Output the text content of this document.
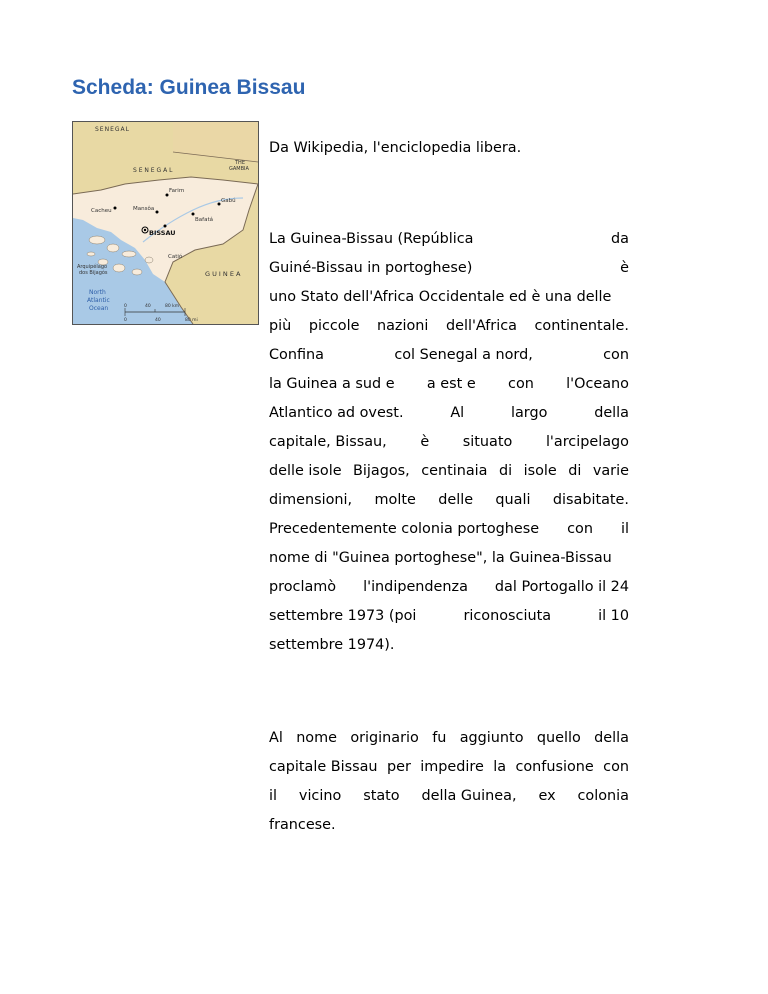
Scheda: Guinea Bissau
SENEGAL
S E N E G A L
THE
GAMBIA
Farim
Gabú
Cacheu	Mansôa
Bafatá
BISSAU
Catió
G U I N E A
Arquipélago
dos Bijagós
North
Atlantic
Ocean	0	40	80 km
0	40	80 mi

Da Wikipedia, l'enciclopedia libera.

La Guinea-Bissau (República	da
Guiné-Bissau in portoghese)	è
uno Stato dell'Africa Occidentale ed è una delle
più piccole nazioni dell'Africa continentale.
Confina	col Senegal a nord,	con
la Guinea a sud e a est e con l'Oceano
Atlantico ad ovest.	Al	largo	della
capitale, Bissau, è situato l'arcipelago
delle isole Bijagos, centinaia di isole di varie
dimensioni, molte delle quali disabitate.
Precedentemente colonia portoghese con il
nome di "Guinea portoghese", la Guinea-Bissau
proclamò l'indipendenza dal Portogallo il 24
settembre 1973 (poi	riconosciuta	il 10
settembre 1974).
Al nome originario fu aggiunto quello della
capitale Bissau per impedire la confusione con
il vicino stato della Guinea, ex colonia
francese.
